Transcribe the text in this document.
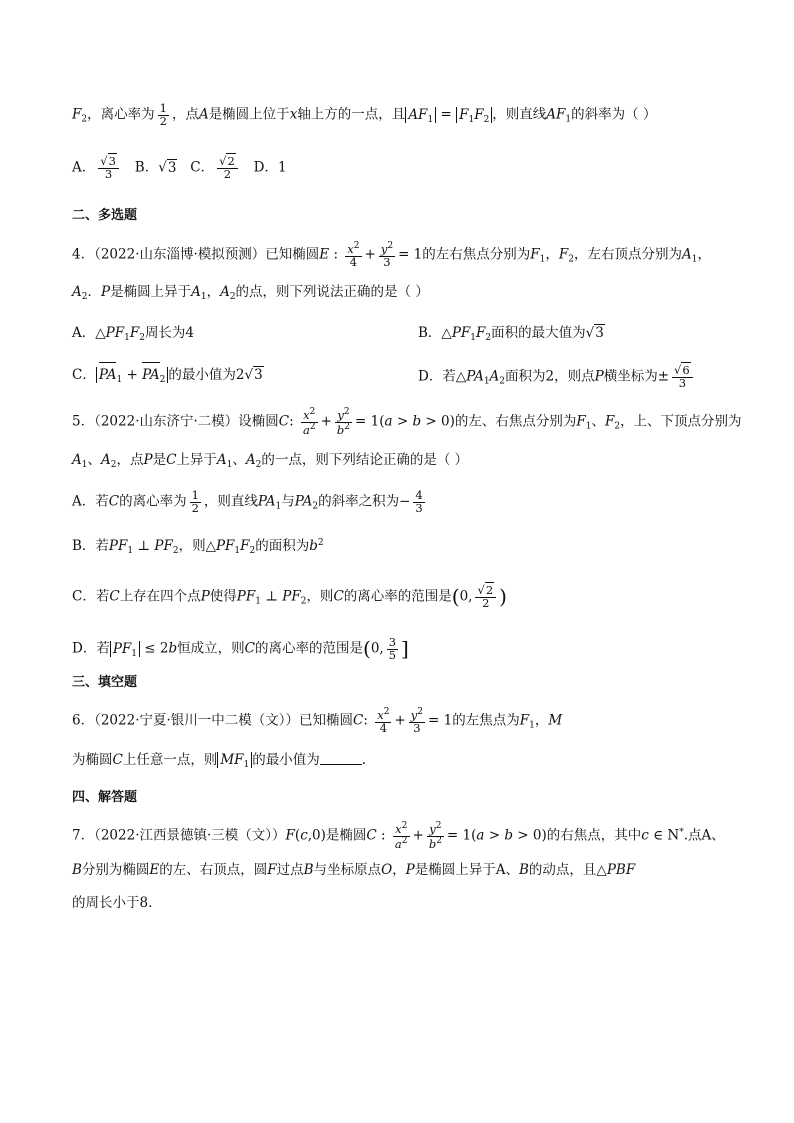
$F_2$，离心率为 $\frac{1}{2}$ ，点A是椭圆上位于x轴上方的一点，且 $AF_1 = F_1F_2$ ，则直线$AF_1$的斜率为（ ）
A． $\frac{√3}{3}$ B．√3 C． $\frac{√2}{2}$ D．1
二、多选题
4．（2022·山东淄博·模拟预测）已知椭圆E : $\frac{x^2}{4} + \frac{y^2}{3} = 1$的左右焦点分别为$F_1$，$F_2$，左右顶点分别为$A_1$，
$A_2$．P是椭圆上异于$A_1$，$A_2$的点，则下列说法正确的是（ ）
A．$\triangle PF_1F_2$周长为4	B．$\triangle PF_1F_2$面积的最大值为√3
C． $PA_1 + PA_2$ 的最小值为2√3	D．若$\triangle PA_1A_2$面积为2，则点P横坐标为± $\frac{√6}{3}$
5．（2022·山东济宁·二模）设椭圆C: $\frac{x^2}{a^2} + \frac{y^2}{b^2} = 1(a > b > 0)$的左、右焦点分别为$F_1$、$F_2$，上、下顶点分别为
$A_1$、$A_2$，点P是C上异于$A_1$、$A_2$的一点，则下列结论正确的是（ ）
A．若C的离心率为 $\frac{1}{2}$ ，则直线$PA_1$与$PA_2$的斜率之积为− $\frac{4}{3}$
B．若$PF_1$ ⊥ $PF_2$，则$\triangle PF_1F_2$的面积为$b^2$
C．若C上存在四个点P使得$PF_1$ ⊥ $PF_2$，则C的离心率的范围是(0, $\frac{√2}{2}$ )
D．若 $PF_1 \le 2b$恒成立，则C的离心率的范围是(0, $\frac{3}{5}$ ]
三、填空题
6．（2022·宁夏·银川一中二模（文））已知椭圆C: $\frac{x^2}{4} + \frac{y^2}{3} = 1$的左焦点为$F_1$，M
为椭圆C上任意一点，则 $MF_1$ 的最小值为	.
四、解答题
7．（2022·江西景德镇·三模（文））F(c,0)是椭圆C : $\frac{x^2}{a^2} + \frac{y^2}{b^2} = 1(a > b > 0)$的右焦点，其中c ∈ N*.点A、
B分别为椭圆E的左、右顶点，圆F过点B与坐标原点O，P是椭圆上异于A、B的动点，且△PBF
的周长小于8.
